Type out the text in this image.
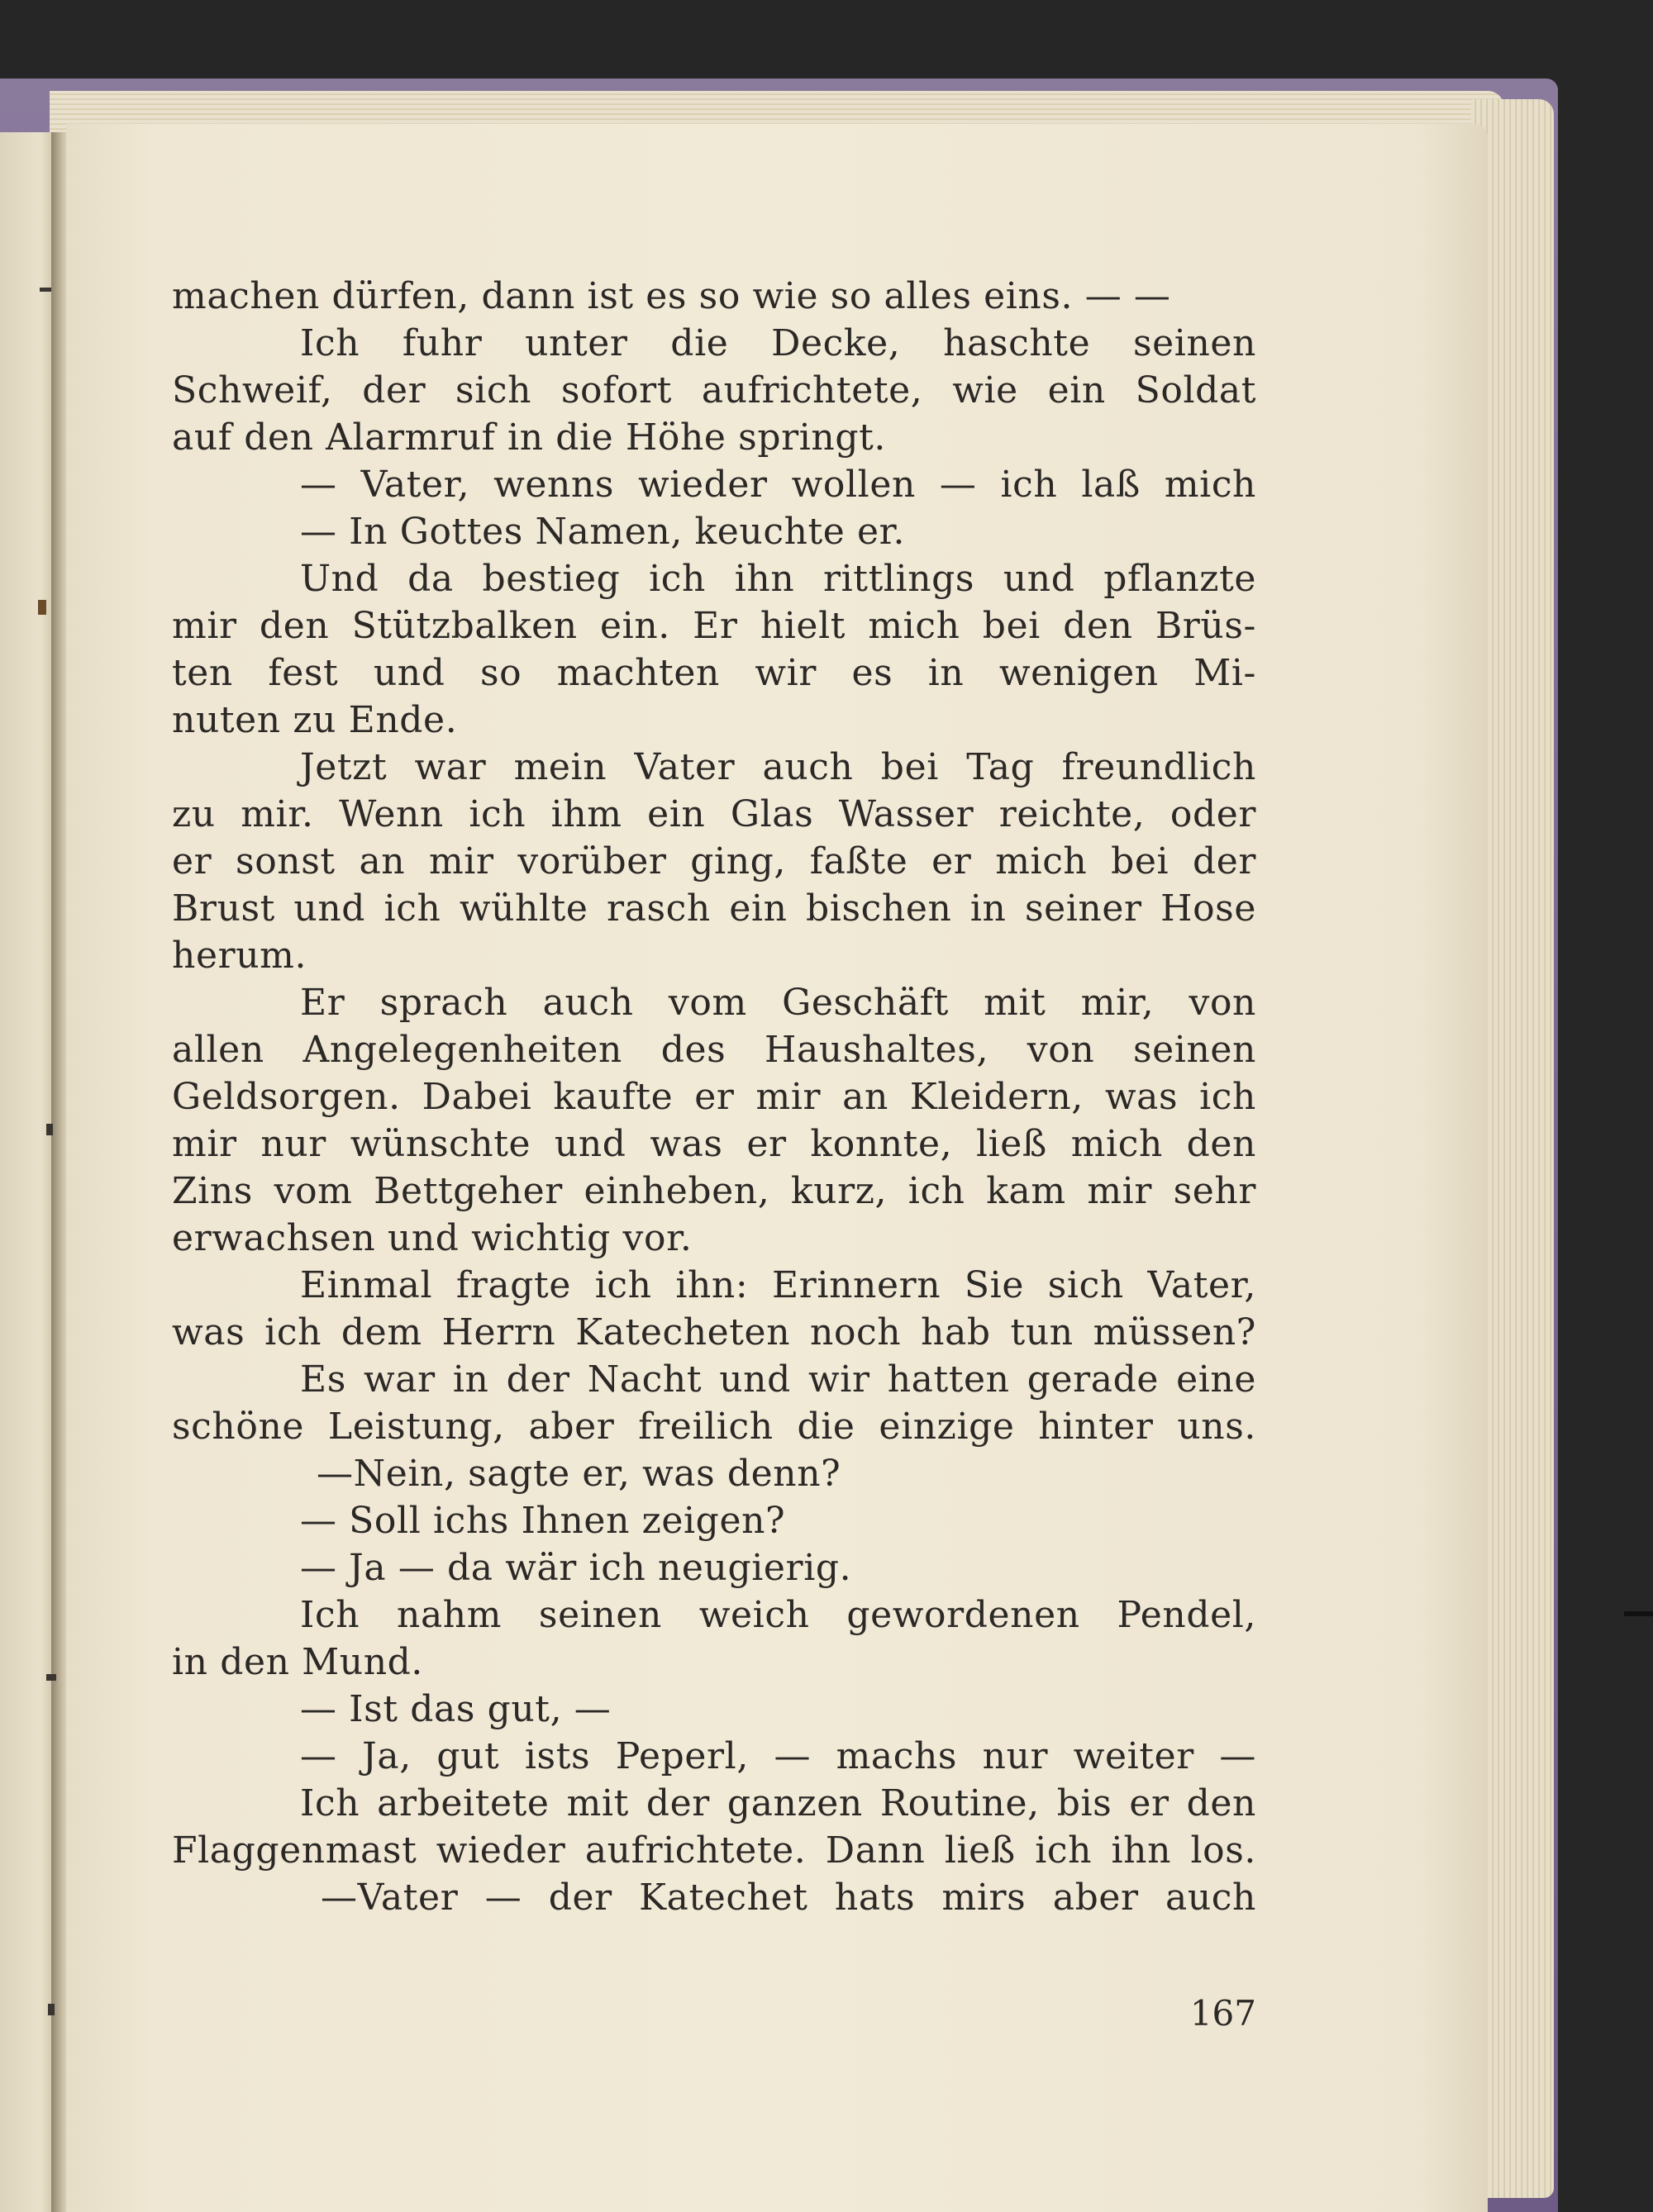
machen dürfen, dann ist es so wie so alles eins. — —
Ich fuhr unter die Decke, haschte seinen
Schweif, der sich sofort aufrichtete, wie ein Soldat
auf den Alarmruf in die Höhe springt.
— Vater, wenns wieder wollen — ich laß mich
— In Gottes Namen, keuchte er.
Und da bestieg ich ihn rittlings und pflanzte
mir den Stützbalken ein. Er hielt mich bei den Brüs-
ten fest und so machten wir es in wenigen Mi-
nuten zu Ende.
Jetzt war mein Vater auch bei Tag freundlich
zu mir. Wenn ich ihm ein Glas Wasser reichte, oder
er sonst an mir vorüber ging, faßte er mich bei der
Brust und ich wühlte rasch ein bischen in seiner Hose
herum.
Er sprach auch vom Geschäft mit mir, von
allen Angelegenheiten des Haushaltes, von seinen
Geldsorgen. Dabei kaufte er mir an Kleidern, was ich
mir nur wünschte und was er konnte, ließ mich den
Zins vom Bettgeher einheben, kurz, ich kam mir sehr
erwachsen und wichtig vor.
Einmal fragte ich ihn: Erinnern Sie sich Vater,
was ich dem Herrn Katecheten noch hab tun müssen?
Es war in der Nacht und wir hatten gerade eine
schöne Leistung, aber freilich die einzige hinter uns.
—Nein, sagte er, was denn?
— Soll ichs Ihnen zeigen?
— Ja — da wär ich neugierig.
Ich nahm seinen weich gewordenen Pendel,
in den Mund.
— Ist das gut, —
— Ja, gut ists Peperl, — machs nur weiter —
Ich arbeitete mit der ganzen Routine, bis er den
Flaggenmast wieder aufrichtete. Dann ließ ich ihn los.
—Vater — der Katechet hats mirs aber auch
167
